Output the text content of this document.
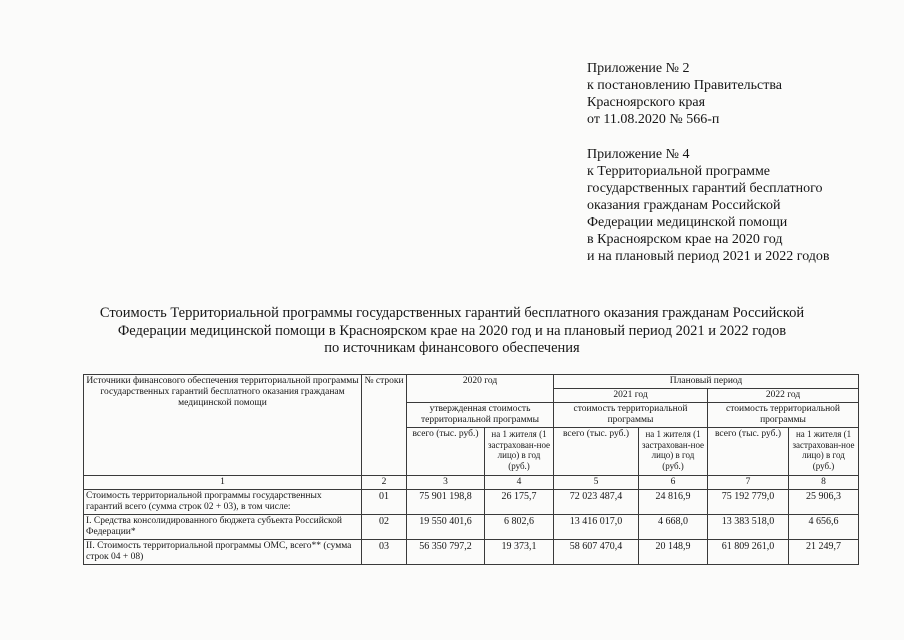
Приложение № 2
к постановлению Правительства
Красноярского края
от 11.08.2020 № 566-п
Приложение № 4
к Территориальной программе
государственных гарантий бесплатного
оказания гражданам Российской
Федерации медицинской помощи
в Красноярском крае на 2020 год
и на плановый период 2021 и 2022 годов
Стоимость Территориальной программы государственных гарантий бесплатного оказания гражданам Российской
Федерации медицинской помощи в Красноярском крае на 2020 год и на плановый период 2021 и 2022 годов
по источникам финансового обеспечения
Источники финансового обеспечения территориальной программы государственных гарантий бесплатного оказания гражданам медицинской помощи	№ строки	2020 год		Плановый период			
				2021 год		2022 год	
		утвержденная стоимость территориальной программы		стоимость территориальной программы		стоимость территориальной программы	
		всего (тыс. руб.)	на 1 жителя (1 застрахован-ное лицо) в год (руб.)	всего (тыс. руб.)	на 1 жителя (1 застрахован-ное лицо) в год (руб.)	всего (тыс. руб.)	на 1 жителя (1 застрахован-ное лицо) в год (руб.)
1	2	3	4	5	6	7	8
Стоимость территориальной программы государственных гарантий всего (сумма строк 02 + 03), в том числе:	01	75 901 198,8	26 175,7	72 023 487,4	24 816,9	75 192 779,0	25 906,3
I. Средства консолидированного бюджета субъекта Российской Федерации*	02	19 550 401,6	6 802,6	13 416 017,0	4 668,0	13 383 518,0	4 656,6
II. Стоимость территориальной программы ОМС, всего** (сумма строк 04 + 08)	03	56 350 797,2	19 373,1	58 607 470,4	20 148,9	61 809 261,0	21 249,7
